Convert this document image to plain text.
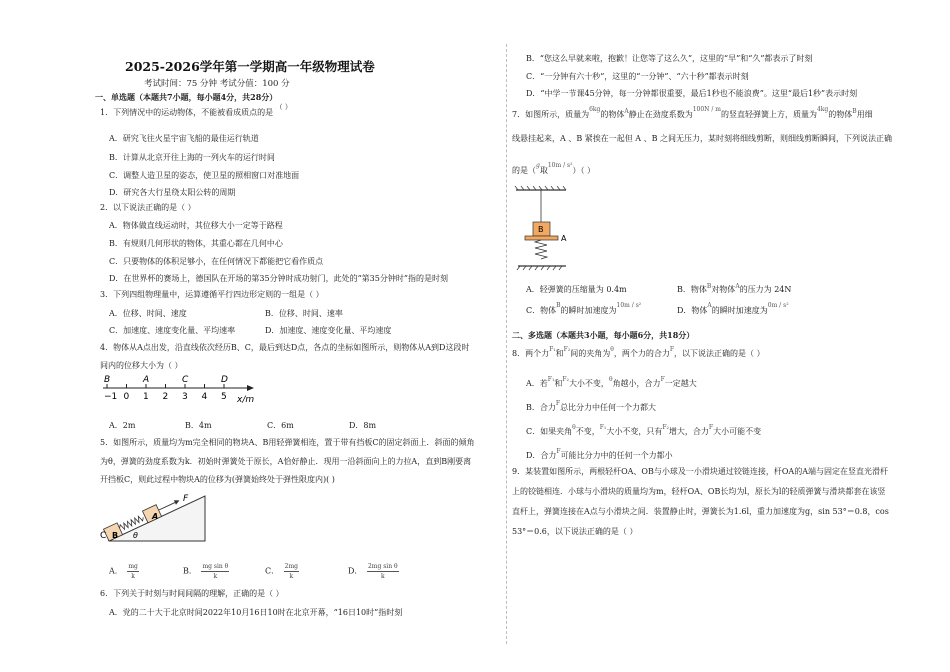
2025-2026学年第一学期高一年级物理试卷
考试时间：75 分钟 考试分值：100 分
一、单选题（本题共7小题，每小题4分，共28分）
1．下列情况中的运动物体，不能被看成质点的是 （ ）
A．研究飞往火星宇宙飞船的最佳运行轨道
B．计算从北京开往上海的一列火车的运行时间
C．调整人造卫星的姿态，使卫星的照相窗口对准地面
D．研究各大行星绕太阳公转的周期
2．以下说法正确的是（ ）
A．物体做直线运动时，其位移大小一定等于路程
B．有规则几何形状的物体，其重心都在几何中心
C．只要物体的体积足够小，在任何情况下都能把它看作质点
D．在世界杯的赛场上，德国队在开场的第35分钟时成功射门，此处的“第35分钟时”指的是时刻
3．下列四组物理量中，运算遵循平行四边形定则的一组是（ ）
A．位移、时间、速度	B．位移、时间、速率
C．加速度、速度变化量、平均速率	D．加速度、速度变化量、平均速度
4．物体从A点出发，沿直线依次经历B、C，最后到达D点，各点的坐标如图所示，则物体从A到D这段时
间内的位移大小为（ ）
−1 0 1 2 3 4 5
B	A	C	D
x/m
A．2m	B．4m	C．6m	D．8m
5．如图所示，质量均为m完全相同的物块A、B用轻弹簧相连，置于带有挡板C的固定斜面上．斜面的倾角
为θ，弹簧的劲度系数为k．初始时弹簧处于原长，A恰好静止．现用一沿斜面向上的力拉A，直到B刚要离
开挡板C，则此过程中物块A的位移为(弹簧始终处于弹性限度内)( )
C B
A
F
θ
A． $\frac{mg}{k}$	B． $\frac{\text{mg sin θ}}{k}$	C． $\frac{2mg}{k}$	D． $\frac{\text{2mg sin θ}}{k}$
6．下列关于时刻与时间间隔的理解，正确的是（ ）
A．党的二十大于北京时间2022年10月16日10时在北京开幕，“16日10时”指时刻
B．“您这么早就来啦，抱歉！让您等了这么久”，这里的“早”和“久”都表示了时刻
C．“一分钟有六十秒”，这里的“一分钟”、“六十秒”都表示时刻
D．“中学一节课45分钟，每一分钟都很重要，最后1秒也不能浪费”。这里“最后1秒”表示时刻
7．如图所示，质量为$^{6kg}$的物体$^A$静止在劲度系数为$^{100N / m}$的竖直轻弹簧上方，质量为$^{4kg}$的物体$^B$用细
线悬挂起来，A 、B 紧挨在一起但 A 、B 之间无压力，某时刻将细线剪断，则细线剪断瞬间，下列说法正确
的是（$^g$取$^{10m / s^2}$）（ ）
B
A
A．轻弹簧的压缩量为 0.4m	B．物体$^B$对物体$^A$的压力为 24N
C．物体$^B$的瞬时加速度为$^{10m / s^2}$
D．物体$^A$的瞬时加速度为$^{0m / s^2}$
二、多选题（本题共3小题，每小题6分，共18分）
8．两个力$^{F_1}$和$^{F_2}$间的夹角为$^\theta$，两个力的合力$^F$，以下说法正确的是（ ）
A．若$^{F_1}$和$^{F_2}$大小不变，$^\theta$角越小，合力$^F$一定越大
B．合力$^F$总比分力中任何一个力都大
C．如果夹角$^\theta$不变，$^{F_1}$大小不变，只有$^{F_2}$增大，合力$^F$大小可能不变
D．合力$^F$可能比分力中的任何一个力都小
9．某装置如图所示，两根轻杆OA、OB与小球及一小滑块通过铰链连接，杆OA的A端与固定在竖直光滑杆
上的铰链相连．小球与小滑块的质量均为m，轻杆OA、OB长均为l，原长为l的轻质弹簧与滑块都套在该竖
直杆上，弹簧连接在A点与小滑块之间．装置静止时，弹簧长为1.6l，重力加速度为g，sin 53°＝0.8，cos
53°＝0.6，以下说法正确的是（ ）
